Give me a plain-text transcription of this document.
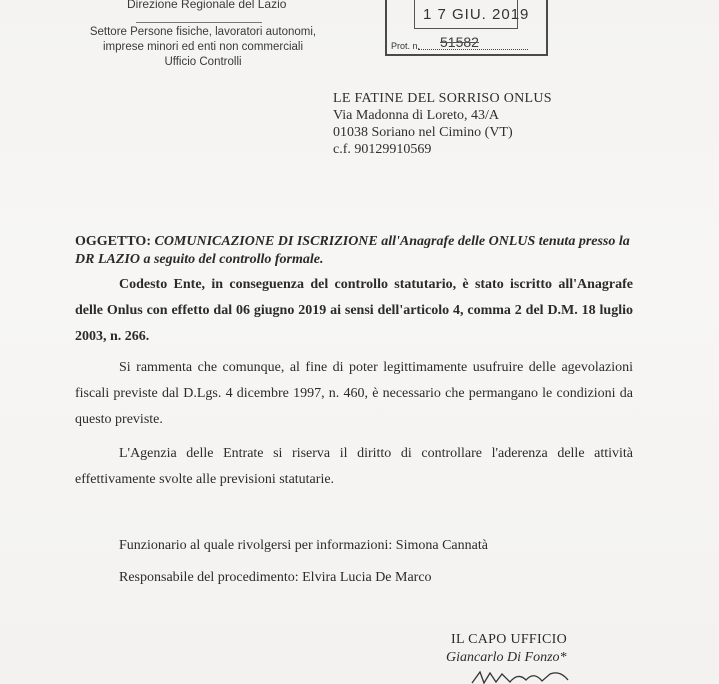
Direzione Regionale del Lazio
Settore Persone fisiche, lavoratori autonomi,
imprese minori ed enti non commerciali
Ufficio Controlli
1 7 GIU. 2019
Prot. n. 51582
LE FATINE DEL SORRISO ONLUS
Via Madonna di Loreto, 43/A
01038 Soriano nel Cimino (VT)
c.f. 90129910569
OGGETTO: COMUNICAZIONE DI ISCRIZIONE all'Anagrafe delle ONLUS tenuta presso la DR LAZIO a seguito del controllo formale.
Codesto Ente, in conseguenza del controllo statutario, è stato iscritto all'Anagrafe delle Onlus con effetto dal 06 giugno 2019 ai sensi dell'articolo 4, comma 2 del D.M. 18 luglio 2003, n. 266.
Si rammenta che comunque, al fine di poter legittimamente usufruire delle agevolazioni fiscali previste dal D.Lgs. 4 dicembre 1997, n. 460, è necessario che permangano le condizioni da questo previste.
L'Agenzia delle Entrate si riserva il diritto di controllare l'aderenza delle attività effettivamente svolte alle previsioni statutarie.
Funzionario al quale rivolgersi per informazioni: Simona Cannatà
Responsabile del procedimento: Elvira Lucia De Marco
IL CAPO UFFICIO
Giancarlo Di Fonzo*
